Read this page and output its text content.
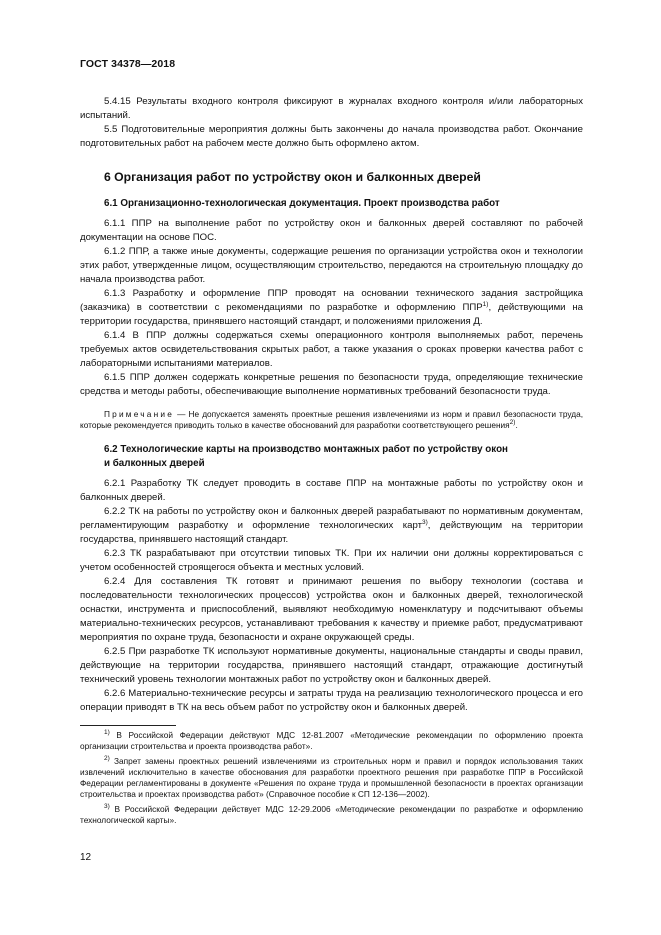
ГОСТ 34378—2018

5.4.15 Результаты входного контроля фиксируют в журналах входного контроля и/или лабораторных испытаний.

5.5 Подготовительные мероприятия должны быть закончены до начала производства работ. Окончание подготовительных работ на рабочем месте должно быть оформлено актом.

6 Организация работ по устройству окон и балконных дверей
6.1 Организационно-технологическая документация. Проект производства работ

6.1.1 ППР на выполнение работ по устройству окон и балконных дверей составляют по рабочей документации на основе ПОС.

6.1.2 ППР, а также иные документы, содержащие решения по организации устройства окон и технологии этих работ, утвержденные лицом, осуществляющим строительство, передаются на строительную площадку до начала производства работ.

6.1.3 Разработку и оформление ППР проводят на основании технического задания застройщика (заказчика) в соответствии с рекомендациями по разработке и оформлению ППР$^{1)}$, действующими на территории государства, принявшего настоящий стандарт, и положениями приложения Д.

6.1.4 В ППР должны содержаться схемы операционного контроля выполняемых работ, перечень требуемых актов освидетельствования скрытых работ, а также указания о сроках проверки качества работ с лабораторными испытаниями материалов.

6.1.5 ППР должен содержать конкретные решения по безопасности труда, определяющие технические средства и методы работы, обеспечивающие выполнение нормативных требований безопасности труда.

Примечание — Не допускается заменять проектные решения извлечениями из норм и правил безопасности труда, которые рекомендуется приводить только в качестве обоснований для разработки соответствующего решения$^{2)}$.

6.2 Технологические карты на производство монтажных работ по устройству окон
и балконных дверей

6.2.1 Разработку ТК следует проводить в составе ППР на монтажные работы по устройству окон и балконных дверей.

6.2.2 ТК на работы по устройству окон и балконных дверей разрабатывают по нормативным документам, регламентирующим разработку и оформление технологических карт$^{3)}$, действующим на территории государства, принявшего настоящий стандарт.

6.2.3 ТК разрабатывают при отсутствии типовых ТК. При их наличии они должны корректироваться с учетом особенностей строящегося объекта и местных условий.

6.2.4 Для составления ТК готовят и принимают решения по выбору технологии (состава и последовательности технологических процессов) устройства окон и балконных дверей, технологической оснастки, инструмента и приспособлений, выявляют необходимую номенклатуру и подсчитывают объемы материально-технических ресурсов, устанавливают требования к качеству и приемке работ, предусматривают мероприятия по охране труда, безопасности и охране окружающей среды.

6.2.5 При разработке ТК используют нормативные документы, национальные стандарты и своды правил, действующие на территории государства, принявшего настоящий стандарт, отражающие достигнутый технический уровень технологии монтажных работ по устройству окон и балконных дверей.

6.2.6 Материально-технические ресурсы и затраты труда на реализацию технологического процесса и его операции приводят в ТК на весь объем работ по устройству окон и балконных дверей.

$^{1)}$ В Российской Федерации действуют МДС 12-81.2007 «Методические рекомендации по оформлению проекта организации строительства и проекта производства работ».

$^{2)}$ Запрет замены проектных решений извлечениями из строительных норм и правил и порядок использования таких извлечений исключительно в качестве обоснования для разработки проектного решения при разработке ППР в Российской Федерации регламентированы в документе «Решения по охране труда и промышленной безопасности в проектах организации строительства и проектах производства работ» (Справочное пособие к СП 12-136—2002).

$^{3)}$ В Российской Федерации действует МДС 12-29.2006 «Методические рекомендации по разработке и оформлению технологической карты».

12
